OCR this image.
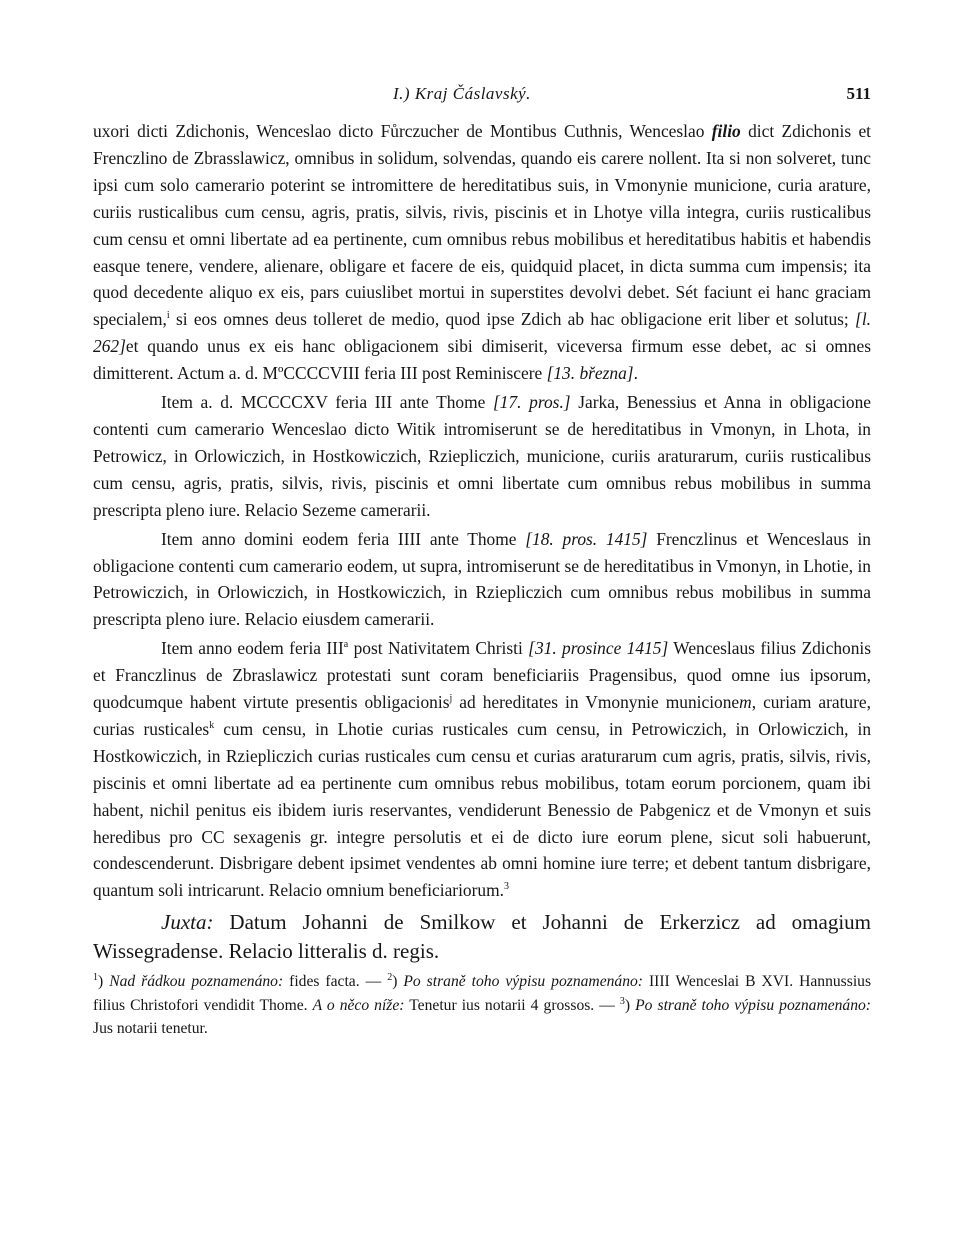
I.) Kraj Čáslavský.	511

uxori dicti Zdichonis, Wenceslao dicto Fůrczucher de Montibus Cuthnis, Wenceslao filio dict Zdichonis et Frenczlino de Zbrasslawicz, omnibus in solidum, solvendas, quando eis carere nollent. Ita si non solveret, tunc ipsi cum solo camerario poterint se intromittere de hereditatibus suis, in Vmonynie municione, curia arature, curiis rusticalibus cum censu, agris, pratis, silvis, rivis, piscinis et in Lhotye villa integra, curiis rusticalibus cum censu et omni libertate ad ea pertinente, cum omnibus rebus mobilibus et hereditatibus habitis et habendis easque tenere, vendere, alienare, obligare et facere de eis, quidquid placet, in dicta summa cum impensis; ita quod decedente aliquo ex eis, pars cuiuslibet mortui in superstites devolvi debet. Sét faciunt ei hanc graciam specialem,$^i$ si eos omnes deus tolleret de medio, quod ipse Zdich ab hac obligacione erit liber et solutus; [l. 262]et quando unus ex eis hanc obligacionem sibi dimiserit, viceversa firmum esse debet, ac si omnes dimitterent. Actum a. d. MºCCCCVIII feria III post Reminiscere [13. března].

Item a. d. MCCCCXV feria III ante Thome [17. pros.] Jarka, Benessius et Anna in obligacione contenti cum camerario Wenceslao dicto Witik intromiserunt se de hereditatibus in Vmonyn, in Lhota, in Petrowicz, in Orlowiczich, in Hostkowiczich, Rziepliczich, municione, curiis araturarum, curiis rusticalibus cum censu, agris, pratis, silvis, rivis, piscinis et omni libertate cum omnibus rebus mobilibus in summa prescripta pleno iure. Relacio Sezeme camerarii.

Item anno domini eodem feria IIII ante Thome [18. pros. 1415] Frenczlinus et Wenceslaus in obligacione contenti cum camerario eodem, ut supra, intromiserunt se de hereditatibus in Vmonyn, in Lhotie, in Petrowiczich, in Orlowiczich, in Hostkowiczich, in Rziepliczich cum omnibus rebus mobilibus in summa prescripta pleno iure. Relacio eiusdem camerarii.

Item anno eodem feria III$^a$ post Nativitatem Christi [31. prosince 1415] Wenceslaus filius Zdichonis et Franczlinus de Zbraslawicz protestati sunt coram beneficiariis Pragensibus, quod omne ius ipsorum, quodcumque habent virtute presentis obligacionis$^j$ ad hereditates in Vmonynie municionem, curiam arature, curias rusticales$^k$ cum censu, in Lhotie curias rusticales cum censu, in Petrowiczich, in Orlowiczich, in Hostkowiczich, in Rziepliczich curias rusticales cum censu et curias araturarum cum agris, pratis, silvis, rivis, piscinis et omni libertate ad ea pertinente cum omnibus rebus mobilibus, totam eorum porcionem, quam ibi habent, nichil penitus eis ibidem iuris reservantes, vendiderunt Benessio de Pabgenicz et de Vmonyn et suis heredibus pro CC sexagenis gr. integre persolutis et ei de dicto iure eorum plene, sicut soli habuerunt, condescenderunt. Disbrigare debent ipsimet vendentes ab omni homine iure terre; et debent tantum disbrigare, quantum soli intricarunt. Relacio omnium beneficiariorum.$^3$

Juxta: Datum Johanni de Smilkow et Johanni de Erkerzicz ad omagium Wissegradense. Relacio litteralis d. regis.

$^1$) Nad řádkou poznamenáno: fides facta. — $^2$) Po straně toho výpisu poznamenáno: IIII Wenceslai B XVI. Hannussius filius Christofori vendidit Thome. A o něco níže: Tenetur ius notarii 4 grossos. — $^3$) Po straně toho výpisu poznamenáno: Jus notarii tenetur.
